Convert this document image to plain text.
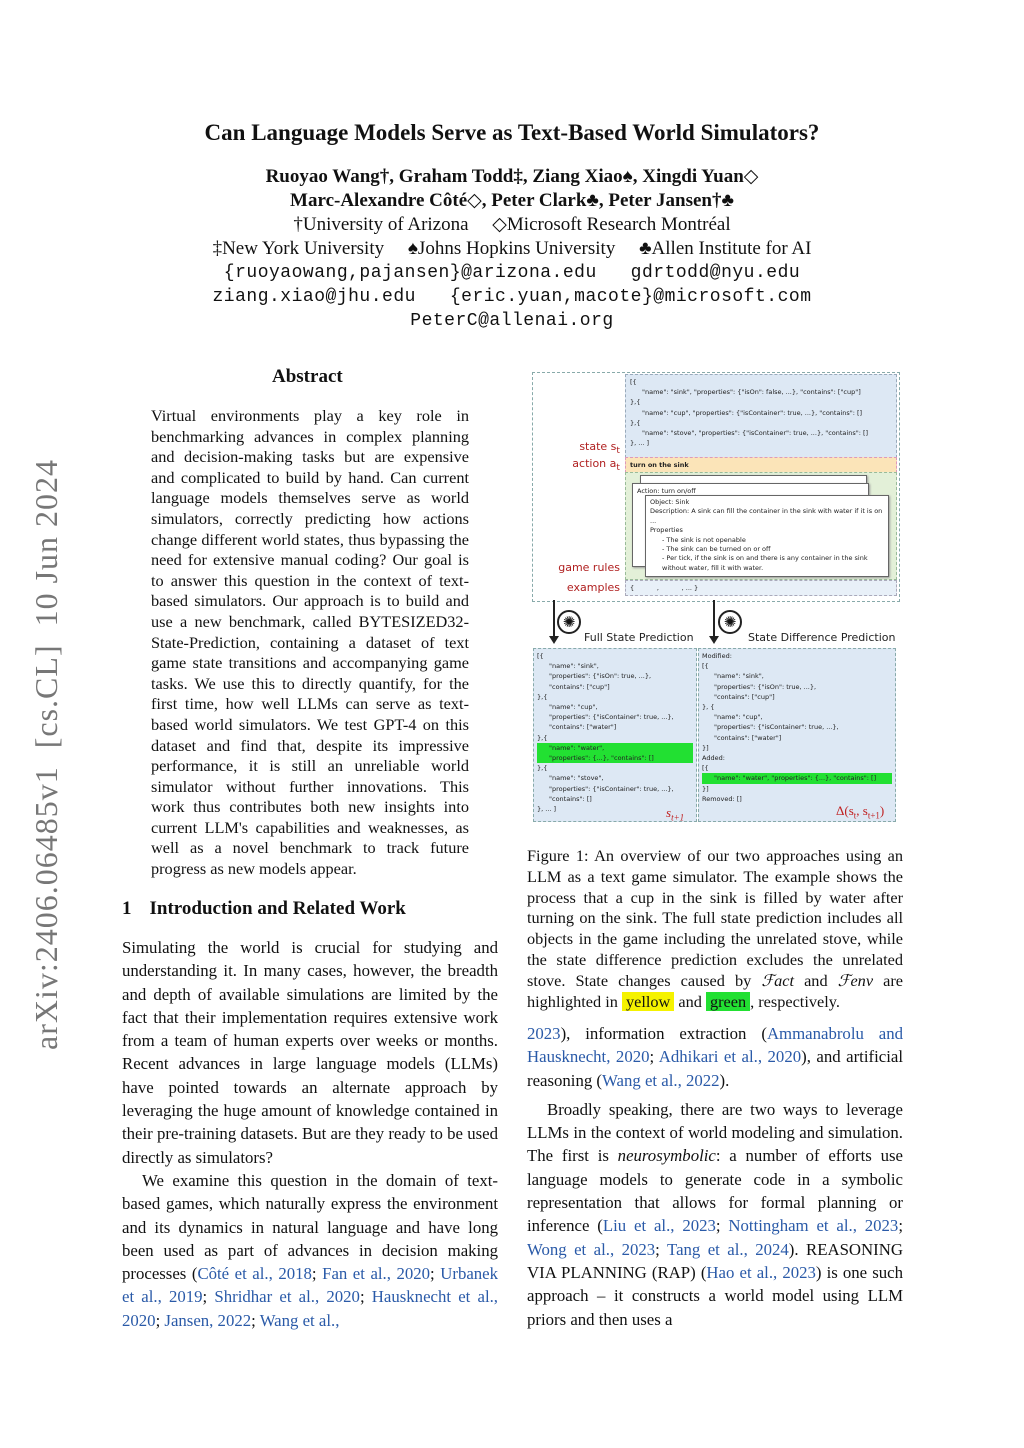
Can Language Models Serve as Text-Based World Simulators?
Ruoyao Wang†, Graham Todd‡, Ziang Xiao♠, Xingdi Yuan◇
Marc-Alexandre Côté◇, Peter Clark♣, Peter Jansen†♣
†University of Arizona     ◇Microsoft Research Montréal
‡New York University     ♠Johns Hopkins University     ♣Allen Institute for AI
{ruoyaowang,pajansen}@arizona.edu   gdrtodd@nyu.edu
ziang.xiao@jhu.edu   {eric.yuan,macote}@microsoft.com
PeterC@allenai.org
arXiv:2406.06485v1  [cs.CL]  10 Jun 2024
Abstract
Virtual environments play a key role in benchmarking advances in complex planning and decision-making tasks but are expensive and complicated to build by hand. Can current language models themselves serve as world simulators, correctly predicting how actions change different world states, thus bypassing the need for extensive manual coding? Our goal is to answer this question in the context of text-based simulators. Our approach is to build and use a new benchmark, called BYTESIZED32-State-Prediction, containing a dataset of text game state transitions and accompanying game tasks. We use this to directly quantify, for the first time, how well LLMs can serve as text-based world simulators. We test GPT-4 on this dataset and find that, despite its impressive performance, it is still an unreliable world simulator without further innovations. This work thus contributes both new insights into current LLM's capabilities and weaknesses, as well as a novel benchmark to track future progress as new models appear.
1 Introduction and Related Work

Simulating the world is crucial for studying and understanding it. In many cases, however, the breadth and depth of available simulations are limited by the fact that their implementation requires extensive work from a team of human experts over weeks or months. Recent advances in large language models (LLMs) have pointed towards an alternate approach by leveraging the huge amount of knowledge contained in their pre-training datasets. But are they ready to be used directly as simulators?

We examine this question in the domain of text-based games, which naturally express the environment and its dynamics in natural language and have long been used as part of advances in decision making processes (Côté et al., 2018; Fan et al., 2020; Urbanek et al., 2019; Shridhar et al., 2020; Hausknecht et al., 2020; Jansen, 2022; Wang et al.,

state $s_t$
action $a_t$
game rules
examples
[{
"name": "sink", "properties": {"isOn": false, ...}, "contains": ["cup"]
},{
"name": "cup", "properties": {"isContainer": true, ...}, "contains": []
},{
"name": "stove", "properties": {"isContainer": true, ...}, "contains": []
}, ... ]
turn on the sink
Action: turn on/off
Object: Sink
Description: A sink can fill the container in the sink with water if it is on ...
Properties
- The sink is not openable
- The sink can be turned on or off
- Per tick, if the sink is on and there is any container in the sink without water, fill it with water.
{           ,           , ... }
✺
Full State Prediction
✺
State Difference Prediction
[{
"name": "sink",
"properties": {"isOn": true, ...},
"contains": ["cup"]
},{
"name": "cup",
"properties": {"isContainer": true, ...},
"contains": ["water"]
},{
"name": "water",
"properties": {...}, "contains": []
},{
"name": "stove",
"properties": {"isContainer": true, ...},
"contains": []
}, ... ]	$s_{t+1}$
Modified:
[{
"name": "sink",
"properties": {"isOn": true, ...},
"contains": ["cup"]
}, {
"name": "cup",
"properties": {"isContainer": true, ...},
"contains": ["water"]
}]
Added:
[{
"name": "water", "properties": {...}, "contains": []
}]
Removed: []
$\Delta(s_t$, $s_{t+1}$)
Figure 1: An overview of our two approaches using an LLM as a text game simulator. The example shows the process that a cup in the sink is filled by water after turning on the sink. The full state prediction includes all objects in the game including the unrelated stove, while the state difference prediction excludes the unrelated stove. State changes caused by ℱact and ℱenv are highlighted in yellow and green , respectively.

2023), information extraction (Ammanabrolu and Hausknecht, 2020; Adhikari et al., 2020), and artificial reasoning (Wang et al., 2022).

Broadly speaking, there are two ways to leverage LLMs in the context of world modeling and simulation. The first is neurosymbolic: a number of efforts use language models to generate code in a symbolic representation that allows for formal planning or inference (Liu et al., 2023; Nottingham et al., 2023; Wong et al., 2023; Tang et al., 2024). REASONING VIA PLANNING (RAP) (Hao et al., 2023) is one such approach – it constructs a world model using LLM priors and then uses a
